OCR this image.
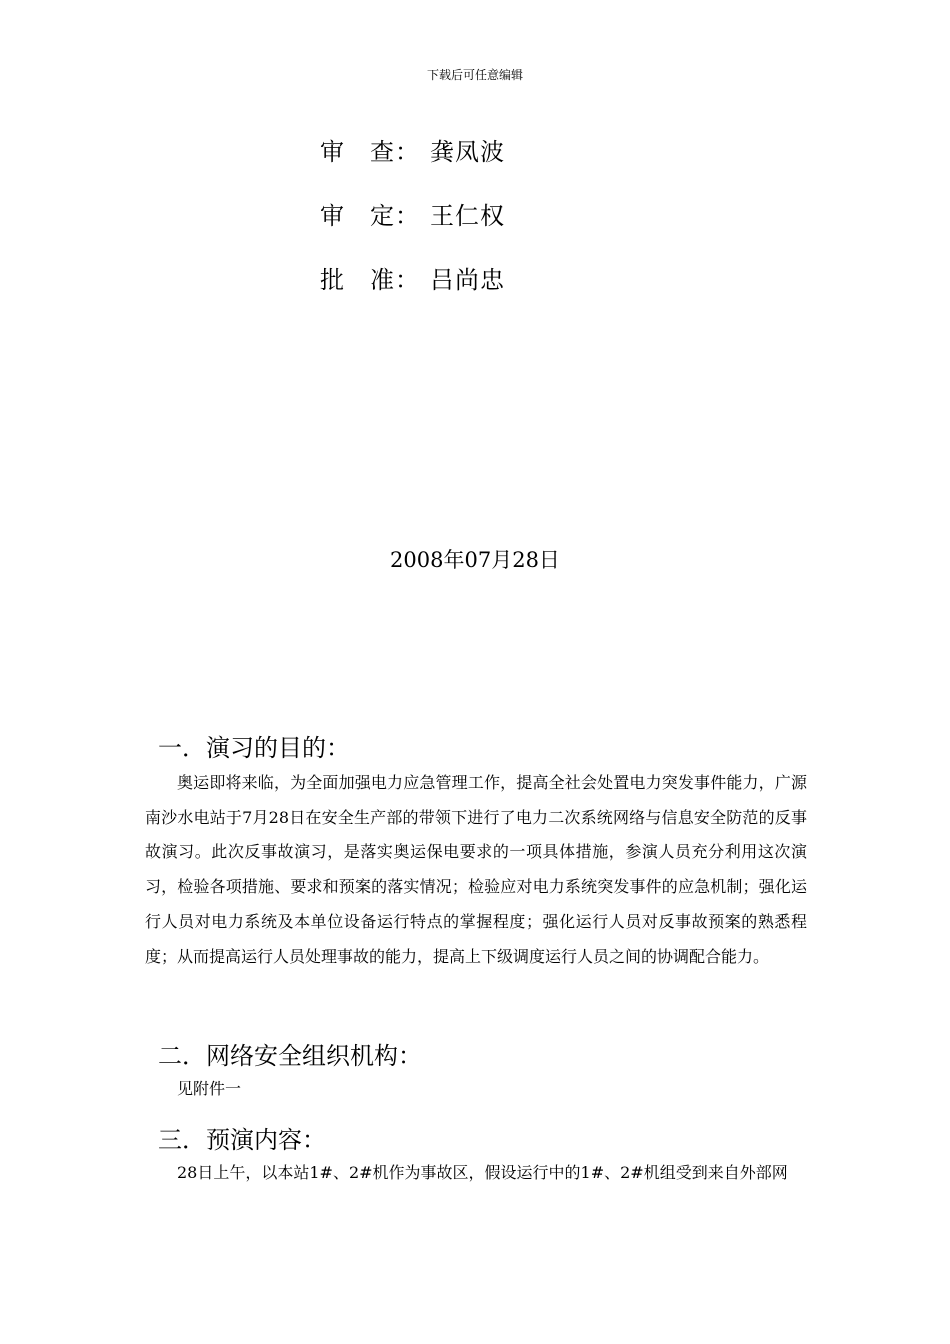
下载后可任意编辑
审　查： 龚凤波
审　定： 王仁权
批　准： 吕尚忠
2008年07月28日
一．演习的目的：

奥运即将来临，为全面加强电力应急管理工作，提高全社会处置电力突发事件能力，广源南沙水电站于7月28日在安全生产部的带领下进行了电力二次系统网络与信息安全防范的反事故演习。此次反事故演习，是落实奥运保电要求的一项具体措施，参演人员充分利用这次演习，检验各项措施、要求和预案的落实情况；检验应对电力系统突发事件的应急机制；强化运行人员对电力系统及本单位设备运行特点的掌握程度；强化运行人员对反事故预案的熟悉程度；从而提高运行人员处理事故的能力，提高上下级调度运行人员之间的协调配合能力。

二．网络安全组织机构：
见附件一
三．预演内容：
28日上午，以本站1#、2#机作为事故区，假设运行中的1#、2#机组受到来自外部网
